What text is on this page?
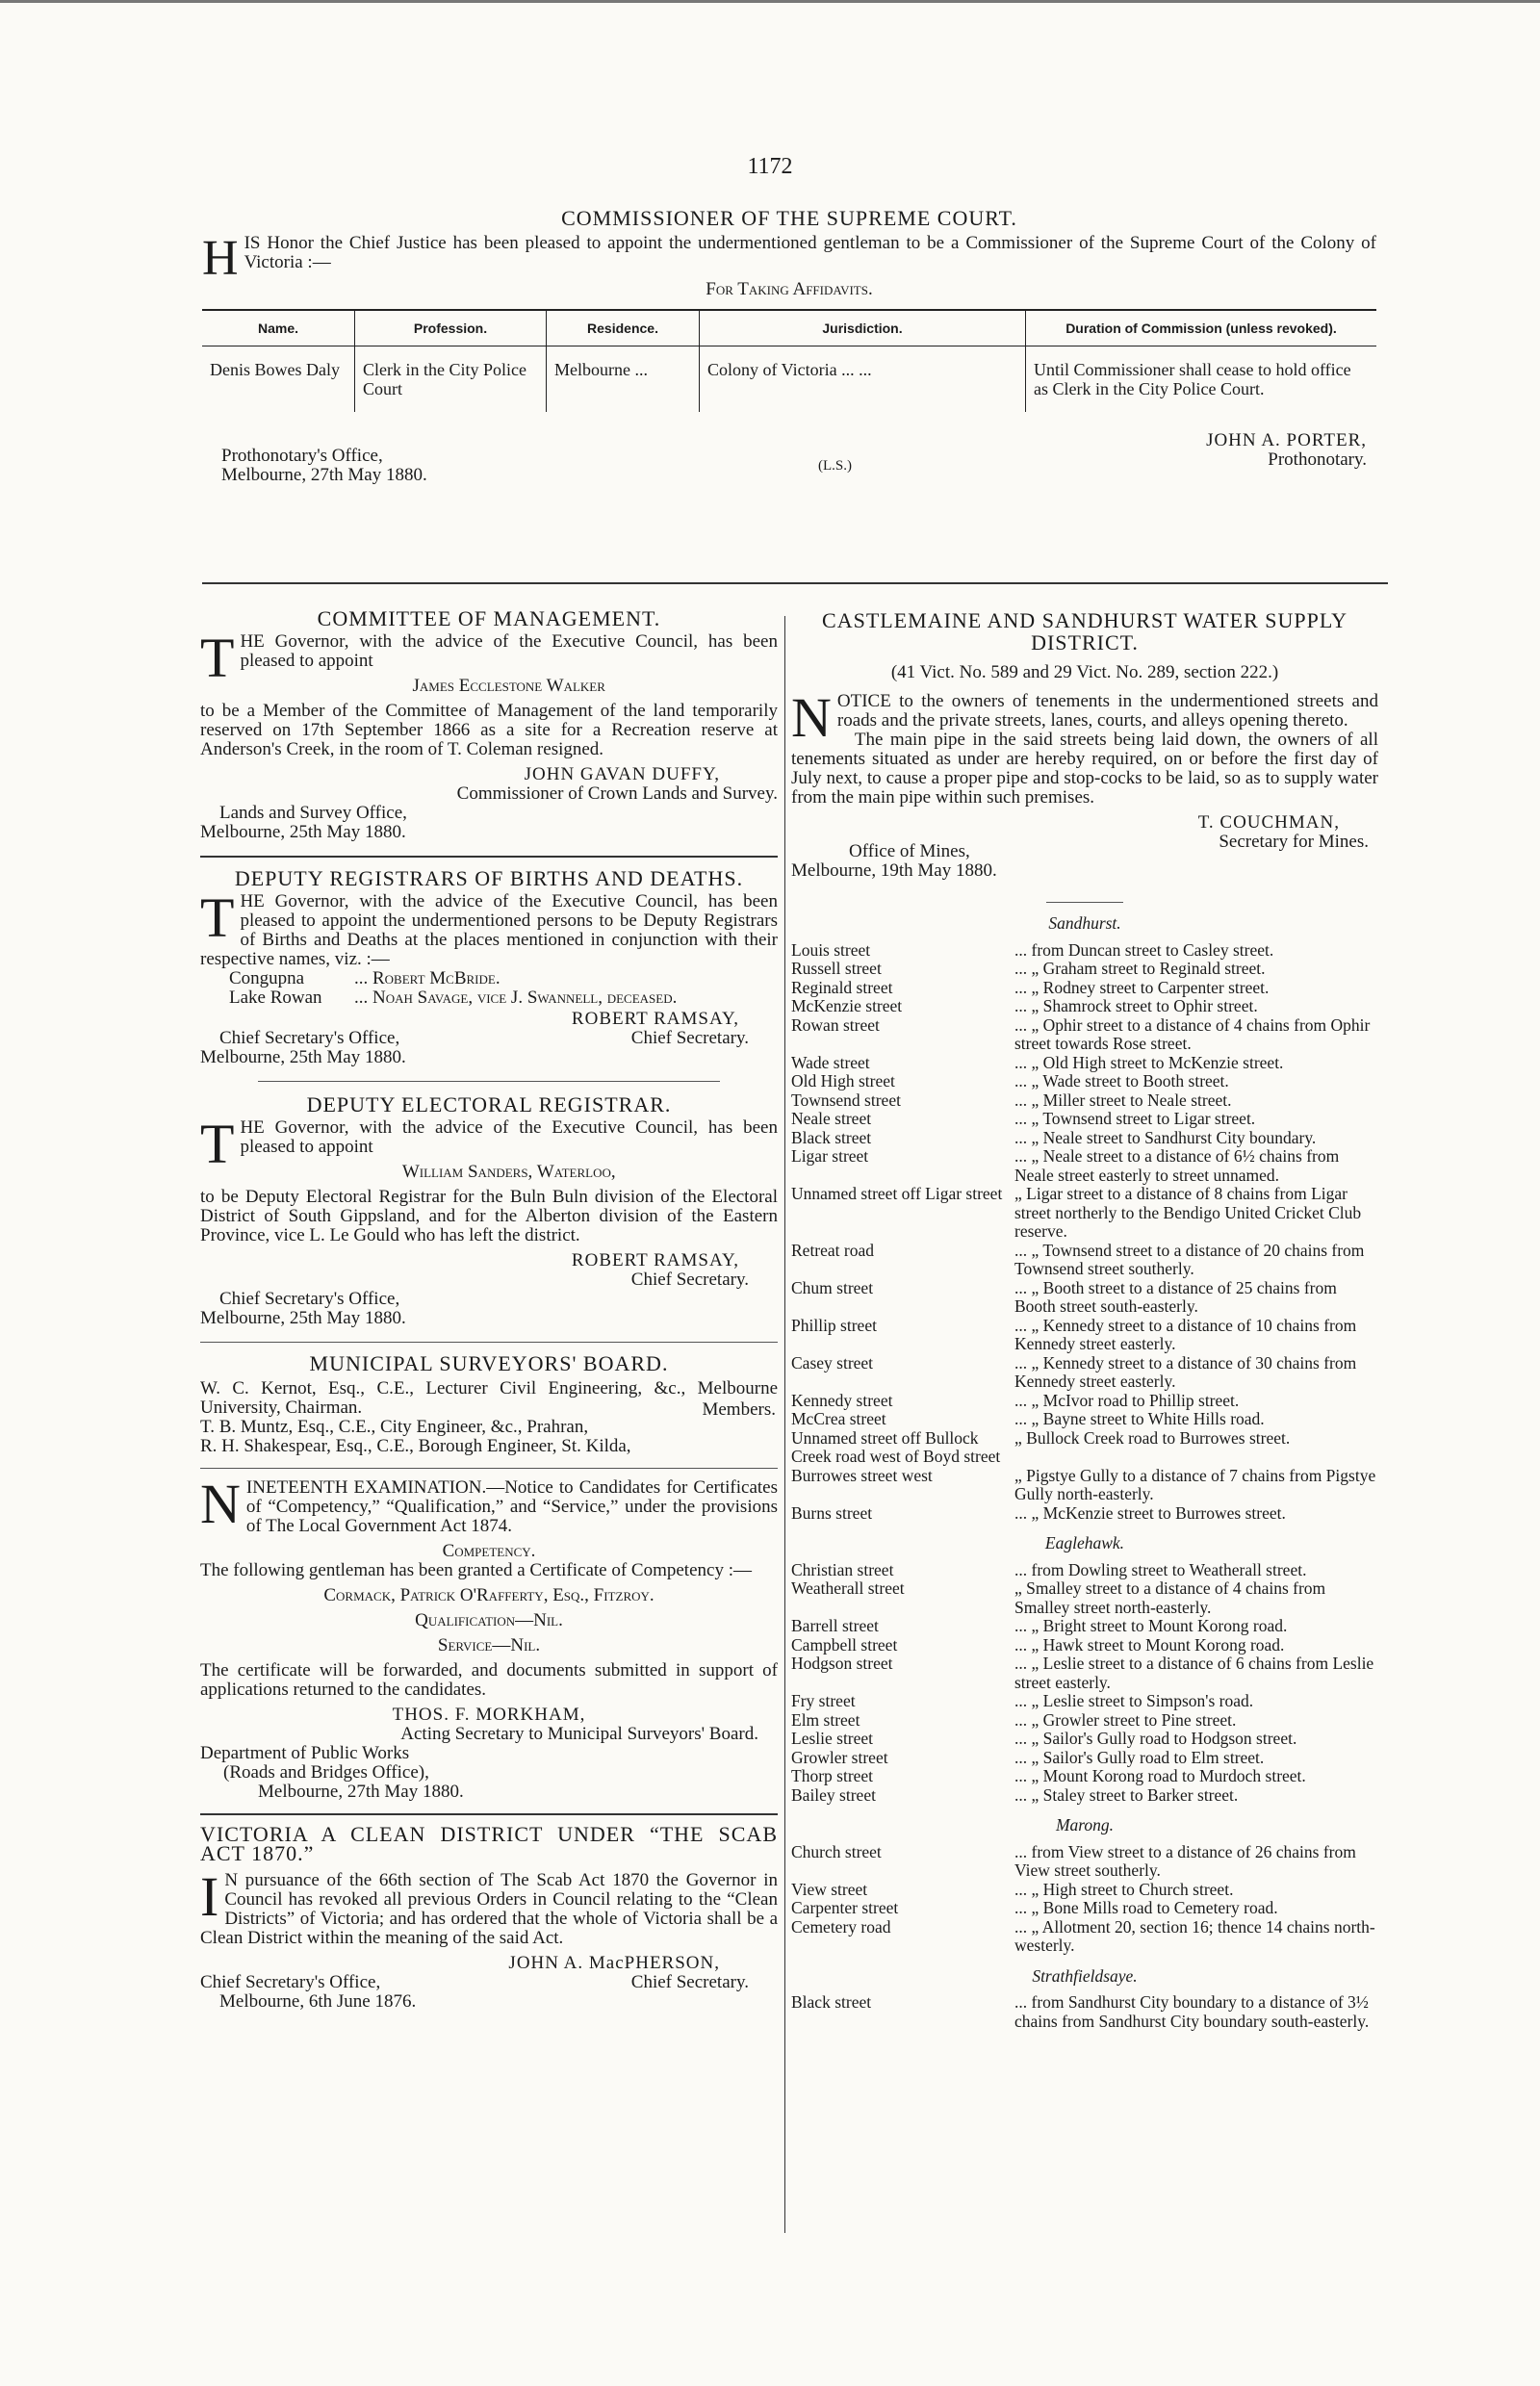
1172
COMMISSIONER OF THE SUPREME COURT.

H IS Honor the Chief Justice has been pleased to appoint the undermentioned gentleman to be a Commissioner of the Supreme Court of the Colony of Victoria :—

For Taking Affidavits.
Name.	Profession.	Residence.	Jurisdiction.	Duration of Commission (unless revoked).
Denis Bowes Daly	Clerk in the City Police Court	Melbourne ...	Colony of Victoria ... ...	Until Commissioner shall cease to hold office as Clerk in the City Police Court.
Prothonotary's Office,
Melbourne, 27th May 1880.	(L.S.)
JOHN A. PORTER,
Prothonotary.
COMMITTEE OF MANAGEMENT.

T HE Governor, with the advice of the Executive Council, has been pleased to appoint

James Ecclestone Walker

to be a Member of the Committee of Management of the land temporarily reserved on 17th September 1866 as a site for a Recreation reserve at Anderson's Creek, in the room of T. Coleman resigned.

JOHN GAVAN DUFFY,
Commissioner of Crown Lands and Survey.
Lands and Survey Office,
Melbourne, 25th May 1880.
DEPUTY REGISTRARS OF BIRTHS AND DEATHS.

T HE Governor, with the advice of the Executive Council, has been pleased to appoint the undermentioned persons to be Deputy Registrars of Births and Deaths at the places mentioned in conjunction with their respective names, viz. :—

Congupna	... Robert McBride.
Lake Rowan ... Noah Savage, vice J. Swannell, deceased.
ROBERT RAMSAY,
Chief Secretary.
Chief Secretary's Office,
Melbourne, 25th May 1880.
DEPUTY ELECTORAL REGISTRAR.

T HE Governor, with the advice of the Executive Council, has been pleased to appoint

William Sanders, Waterloo,

to be Deputy Electoral Registrar for the Buln Buln division of the Electoral District of South Gippsland, and for the Alberton division of the Eastern Province, vice L. Le Gould who has left the district.

ROBERT RAMSAY,
Chief Secretary.
Chief Secretary's Office,
Melbourne, 25th May 1880.
MUNICIPAL SURVEYORS' BOARD.

W. C. Kernot, Esq., C.E., Lecturer Civil Engineering, &c., Melbourne University, Chairman.

T. B. Muntz, Esq., C.E., City Engineer, &c., Prahran,

R. H. Shakespear, Esq., C.E., Borough Engineer, St. Kilda,

Members.

N INETEENTH EXAMINATION.—Notice to Candidates for Certificates of “Competency,” “Qualification,” and “Service,” under the provisions of The Local Government Act 1874.

Competency.

The following gentleman has been granted a Certificate of Competency :—

Cormack, Patrick O'Rafferty, Esq., Fitzroy.
Qualification—Nil.
Service—Nil.

The certificate will be forwarded, and documents submitted in support of applications returned to the candidates.

THOS. F. MORKHAM,
Acting Secretary to Municipal Surveyors' Board.
Department of Public Works
(Roads and Bridges Office),
Melbourne, 27th May 1880.
VICTORIA A CLEAN DISTRICT UNDER “THE SCAB ACT 1870.”

I N pursuance of the 66th section of The Scab Act 1870 the Governor in Council has revoked all previous Orders in Council relating to the “Clean Districts” of Victoria; and has ordered that the whole of Victoria shall be a Clean District within the meaning of the said Act.

JOHN A. MacPHERSON,
Chief Secretary.
Chief Secretary's Office,
Melbourne, 6th June 1876.
CASTLEMAINE AND SANDHURST WATER SUPPLY DISTRICT.
(41 Vict. No. 589 and 29 Vict. No. 289, section 222.)

N OTICE to the owners of tenements in the undermentioned streets and roads and the private streets, lanes, courts, and alleys opening thereto.

The main pipe in the said streets being laid down, the owners of all tenements situated as under are hereby required, on or before the first day of July next, to cause a proper pipe and stop-cocks to be laid, so as to supply water from the main pipe within such premises.

T. COUCHMAN,
Secretary for Mines.
Office of Mines,
Melbourne, 19th May 1880.
Sandhurst.
Louis street	... from Duncan street to Casley street.
Russell street	... „ Graham street to Reginald street.
Reginald street	... „ Rodney street to Carpenter street.
McKenzie street	... „ Shamrock street to Ophir street.
Rowan street	... „ Ophir street to a distance of 4 chains from Ophir street towards Rose street.
Wade street	... „ Old High street to McKenzie street.
Old High street	... „ Wade street to Booth street.
Townsend street	... „ Miller street to Neale street.
Neale street	... „ Townsend street to Ligar street.
Black street	... „ Neale street to Sandhurst City boundary.
Ligar street	... „ Neale street to a distance of 6½ chains from Neale street easterly to street unnamed.
Unnamed street off Ligar street „ Ligar street to a distance of 8 chains from Ligar street northerly to the Bendigo United Cricket Club reserve.
Retreat road	... „ Townsend street to a distance of 20 chains from Townsend street southerly.
Chum street	... „ Booth street to a distance of 25 chains from Booth street south-easterly.
Phillip street	... „ Kennedy street to a distance of 10 chains from Kennedy street easterly.
Casey street	... „ Kennedy street to a distance of 30 chains from Kennedy street easterly.
Kennedy street	... „ McIvor road to Phillip street.
McCrea street	... „ Bayne street to White Hills road.
Unnamed street off Bullock Creek road west of Boyd street
„ Bullock Creek road to Burrowes street.
Burrowes street west	„ Pigstye Gully to a distance of 7 chains from Pigstye Gully north-easterly.
Burns street	... „ McKenzie street to Burrowes street.
Eaglehawk.
Christian street	... from Dowling street to Weatherall street.
Weatherall street	„ Smalley street to a distance of 4 chains from Smalley street north-easterly.
Barrell street	... „ Bright street to Mount Korong road.
Campbell street	... „ Hawk street to Mount Korong road.
Hodgson street	... „ Leslie street to a distance of 6 chains from Leslie street easterly.
Fry street	... „ Leslie street to Simpson's road.
Elm street	... „ Growler street to Pine street.
Leslie street	... „ Sailor's Gully road to Hodgson street.
Growler street	... „ Sailor's Gully road to Elm street.
Thorp street	... „ Mount Korong road to Murdoch street.
Bailey street	... „ Staley street to Barker street.
Marong.
Church street	... from View street to a distance of 26 chains from View street southerly.
View street	... „ High street to Church street.
Carpenter street	... „ Bone Mills road to Cemetery road.
Cemetery road	... „ Allotment 20, section 16; thence 14 chains north-westerly.
Strathfieldsaye.
Black street	... from Sandhurst City boundary to a distance of 3½ chains from Sandhurst City boundary south-easterly.
